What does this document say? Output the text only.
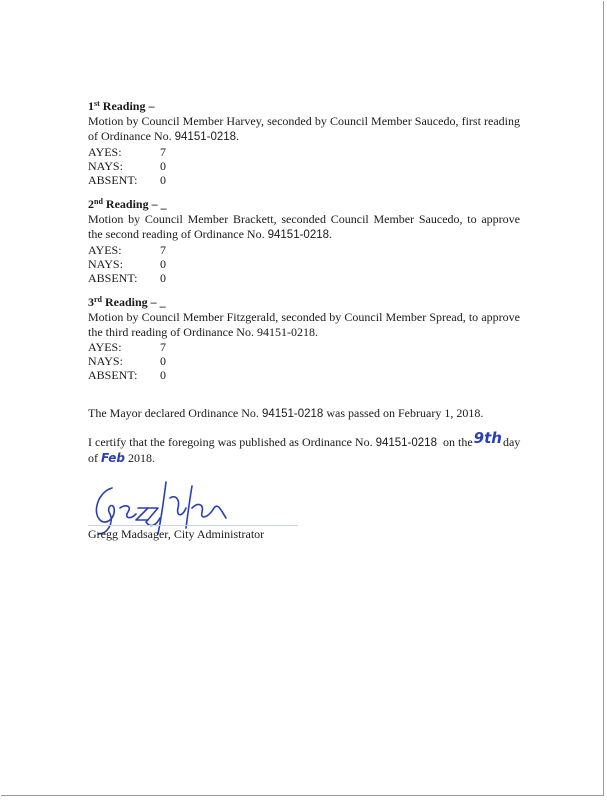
1st Reading –
Motion by Council Member Harvey, seconded by Council Member Saucedo, first reading of Ordinance No. 94151-0218.
AYES:	7
NAYS:	0
ABSENT:	0
2nd Reading – _
Motion by Council Member Brackett, seconded Council Member Saucedo, to approve the second reading of Ordinance No. 94151-0218.
AYES:	7
NAYS:	0
ABSENT:	0
3rd Reading – _
Motion by Council Member Fitzgerald, seconded by Council Member Spread, to approve the third reading of Ordinance No. 94151-0218.
AYES:	7
NAYS:	0
ABSENT:	0
The Mayor declared Ordinance No. 94151-0218 was passed on February 1, 2018.
I certify that the foregoing was published as Ordinance No. 94151-0218  on the9thday
of Feb 2018.
Gregg Madsager, City Administrator
